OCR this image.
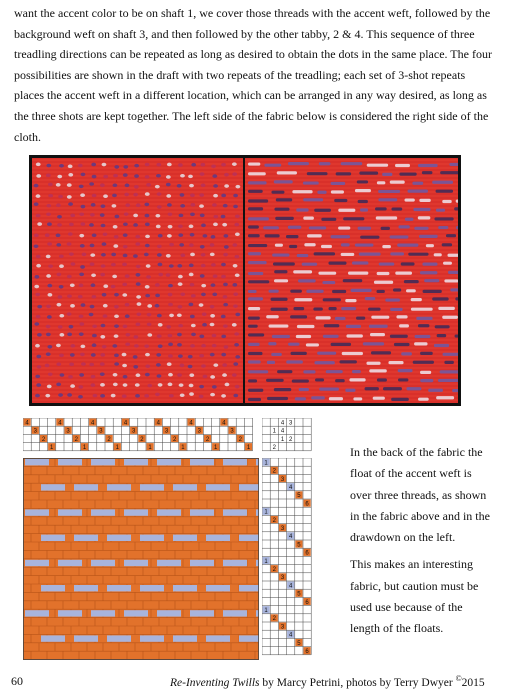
want the accent color to be on shaft 1, we cover those threads with the accent weft, followed by the background weft on shaft 3, and then followed by the other tabby, 2 & 4. This sequence of three treadling directions can be repeated as long as desired to obtain the dots in the same place. The four possibilities are shown in the draft with two repeats of the treadling; each set of 3-shot repeats places the accent weft in a different location, which can be arranged in any way desired, as long as the three shots are kept together. The left side of the fabric below is considered the right side of the cloth.

4
3
2
1
4
3
2
1
4
3
2
1
4
3
2
1
4
3
2
1
4
3
2
1
4
3
2
1
4 3
1 4
2
2
1
1
2
3
4
5
6
1
2
3
4
5
6
1
2
3
4
5
6
1
2
3
4
5
6

In the back of the fabric the float of the accent weft is over three threads, as shown in the fabric above and in the drawdown on the left.

This makes an interesting fabric, but caution must be used use because of the length of the floats.

60	Re-Inventing Twills by Marcy Petrini, photos by Terry Dwyer ©2015
